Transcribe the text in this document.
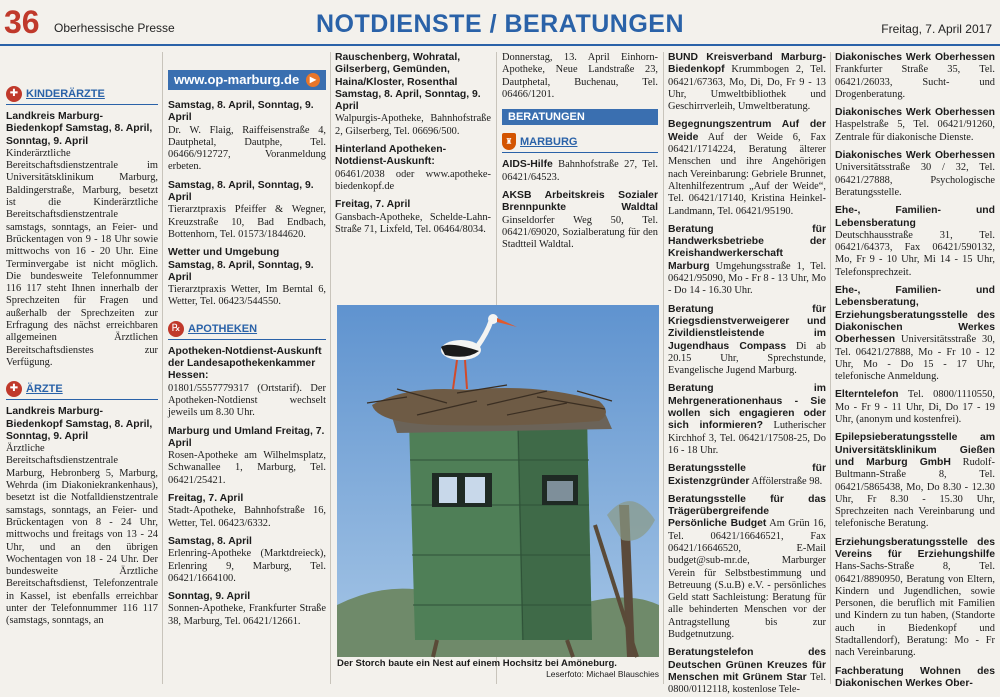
36 Oberhessische Presse	NOTDIENSTE / BERATUNGEN	Freitag, 7. April 2017
✚ KINDERÄRZTE
Landkreis Marburg-Biedenkopf Samstag, 8. April, Sonntag, 9. April
Kinderärztliche Bereitschaftsdienstzentrale im Universitätsklinikum Marburg, Baldingerstraße, Marburg, besetzt ist die Kinderärztliche Bereitschaftsdienstzentrale samstags, sonntags, an Feier- und Brückentagen von 9 - 18 Uhr sowie mittwochs von 16 - 20 Uhr. Eine Terminvergabe ist nicht möglich. Die bundesweite Telefonnummer 116 117 steht Ihnen innerhalb der Sprechzeiten für Fragen und außerhalb der Sprechzeiten zur Erfragung des nächst erreichbaren allgemeinen Ärztlichen Bereitschaftsdienstes zur Verfügung.
✚ ÄRZTE
Landkreis Marburg-Biedenkopf Samstag, 8. April, Sonntag, 9. April
Ärztliche Bereitschaftsdienstzentrale Marburg, Hebronberg 5, Marburg, Wehrda (im Diakoniekrankenhaus), besetzt ist die Notfalldienstzentrale samstags, sonntags, an Feier- und Brückentagen von 8 - 24 Uhr, mittwochs und freitags von 13 - 24 Uhr, und an den übrigen Wochentagen von 18 - 24 Uhr. Der bundesweite Ärztliche Bereitschaftsdienst, Telefonzentrale in Kassel, ist ebenfalls erreichbar unter der Telefonnummer 116 117 (samstags, sonntags, an
www.op-marburg.de	▶
Samstag, 8. April, Sonntag, 9. April
Dr. W. Flaig, Raiffeisenstraße 4, Dautphetal, Dautphe, Tel. 06466/912727, Voranmeldung erbeten.
Samstag, 8. April, Sonntag, 9. April
Tierarztpraxis Pfeiffer & Wegner, Kreuzstraße 10, Bad Endbach, Bottenhorn, Tel. 01573/1844620.
Wetter und Umgebung Samstag, 8. April, Sonntag, 9. April
Tierarztpraxis Wetter, Im Berntal 6, Wetter, Tel. 06423/544550.
℞ APOTHEKEN
Apotheken-Notdienst-Auskunft der Landesapothekenkammer Hessen:
01801/5557779317 (Ortstarif). Der Apotheken-Notdienst wechselt jeweils um 8.30 Uhr.
Marburg und Umland Freitag, 7. April
Rosen-Apotheke am Wilhelmsplatz, Schwanallee 1, Marburg, Tel. 06421/25421.
Freitag, 7. April
Stadt-Apotheke, Bahnhofstraße 16, Wetter, Tel. 06423/6332.
Samstag, 8. April
Erlenring-Apotheke (Marktdreieck), Erlenring 9, Marburg, Tel. 06421/1664100.
Sonntag, 9. April
Sonnen-Apotheke, Frankfurter Straße 38, Marburg, Tel. 06421/12661.
Rauschenberg, Wohratal, Gilserberg, Gemünden, Haina/Kloster, Rosenthal Samstag, 8. April, Sonntag, 9. April
Walpurgis-Apotheke, Bahnhofstraße 2, Gilserberg, Tel. 06696/500.
Hinterland Apotheken-Notdienst-Auskunft:
06461/2038 oder www.apotheke-biedenkopf.de
Freitag, 7. April
Gansbach-Apotheke, Schelde-Lahn-Straße 71, Lixfeld, Tel. 06464/8034.
Donnerstag, 13. April Einhorn-Apotheke, Neue Landstraße 23, Dautphetal, Buchenau, Tel. 06466/1201.
BERATUNGEN
♜ MARBURG
AIDS-Hilfe Bahnhofstraße 27, Tel. 06421/64523.
AKSB Arbeitskreis Sozialer Brennpunkte Waldtal Ginseldorfer Weg 50, Tel. 06421/69020, Sozialberatung für den Stadtteil Waldtal.
Der Storch baute ein Nest auf einem Hochsitz bei Amöneburg.
Leserfoto: Michael Blauschies
BUND Kreisverband Marburg-Biedenkopf Krummbogen 2, Tel. 06421/67363, Mo, Di, Do, Fr 9 - 13 Uhr, Umweltbibliothek und Geschirrverleih, Umweltberatung.
Begegnungszentrum Auf der Weide Auf der Weide 6, Fax 06421/1714224, Beratung älterer Menschen und ihre Angehörigen nach Vereinbarung: Gebriele Brunnet, Altenhilfezentrum „Auf der Weide“, Tel. 06421/17140, Kristina Heinkel-Landmann, Tel. 06421/95190.
Beratung für Handwerksbetriebe der Kreishandwerkerschaft Marburg Umgehungsstraße 1, Tel. 06421/95090, Mo - Fr 8 - 13 Uhr, Mo - Do 14 - 16.30 Uhr.
Beratung für Kriegsdienstverweigerer und Zivildienstleistende im Jugendhaus Compass Di ab 20.15 Uhr, Sprechstunde, Evangelische Jugend Marburg.
Beratung im Mehrgenerationenhaus - Sie wollen sich engagieren oder sich informieren? Lutherischer Kirchhof 3, Tel. 06421/17508-25, Do 16 - 18 Uhr.
Beratungsstelle für Existenzgründer Affölerstraße 98.
Beratungsstelle für das Trägerübergreifende Persönliche Budget Am Grün 16, Tel. 06421/16646521, Fax 06421/16646520, E-Mail budget@sub-mr.de, Marburger Verein für Selbstbestimmung und Betreuung (S.u.B) e.V. - persönliches Geld statt Sachleistung: Beratung für alle behinderten Menschen vor der Antragstellung bis zur Budgetnutzung.
Beratungstelefon des Deutschen Grünen Kreuzes für Menschen mit Grünem Star Tel. 0800/0112118, kostenlose Tele-
Diakonisches Werk Oberhessen Frankfurter Straße 35, Tel. 06421/26033, Sucht- und Drogenberatung.
Diakonisches Werk Oberhessen Haspelstraße 5, Tel. 06421/91260, Zentrale für diakonische Dienste.
Diakonisches Werk Oberhessen Universitätsstraße 30 / 32, Tel. 06421/27888, Psychologische Beratungsstelle.
Ehe-, Familien- und Lebensberatung Deutschhausstraße 31, Tel. 06421/64373, Fax 06421/590132, Mo, Fr 9 - 10 Uhr, Mi 14 - 15 Uhr, Telefonsprechzeit.
Ehe-, Familien- und Lebensberatung, Erziehungsberatungsstelle des Diakonischen Werkes Oberhessen Universitätsstraße 30, Tel. 06421/27888, Mo - Fr 10 - 12 Uhr, Mo - Do 15 - 17 Uhr, telefonische Anmeldung.
Elterntelefon Tel. 0800/1110550, Mo - Fr 9 - 11 Uhr, Di, Do 17 - 19 Uhr, (anonym und kostenfrei).
Epilepsieberatungsstelle am Universitätsklinikum Gießen und Marburg GmbH Rudolf-Bultmann-Straße 8, Tel. 06421/5865438, Mo, Do 8.30 - 12.30 Uhr, Fr 8.30 - 15.30 Uhr, Sprechzeiten nach Vereinbarung und telefonische Beratung.
Erziehungsberatungsstelle des Vereins für Erziehungshilfe Hans-Sachs-Straße 8, Tel. 06421/8890950, Beratung von Eltern, Kindern und Jugendlichen, sowie Personen, die beruflich mit Familien und Kindern zu tun haben, (Standorte auch in Biedenkopf und Stadtallendorf), Beratung: Mo - Fr nach Vereinbarung.
Fachberatung Wohnen des Diakonischen Werkes Ober-
